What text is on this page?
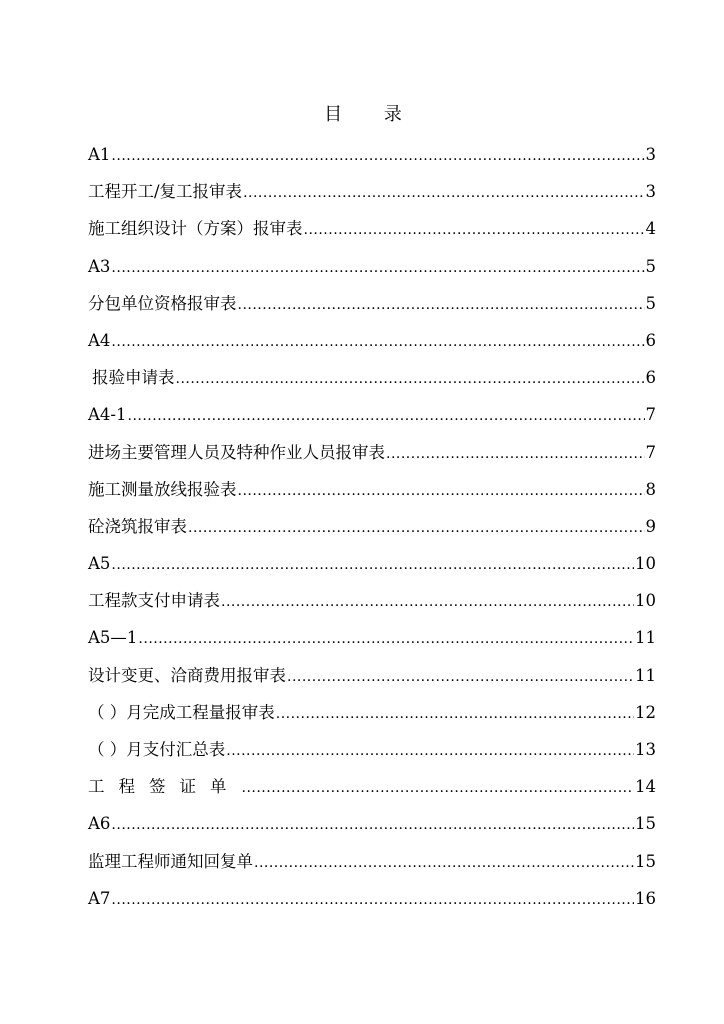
目 录
A1 .....	3
工程开工/复工报审表 .....	3
施工组织设计（方案）报审表 .....	4
A3 .....	5
分包单位资格报审表 .....	5
A4 .....	6
报验申请表 .....	6
A4-1 .....	7
进场主要管理人员及特种作业人员报审表 .....	7
施工测量放线报验表 .....	8
砼浇筑报审表 .....	9
A5 .....	10
工程款支付申请表 .....	10
A5—1 .....	11
设计变更、洽商费用报审表 .....	11
（ ）月完成工程量报审表 .....	12
（ ）月支付汇总表 .....	13
工程签证单 .....	14
A6 .....	15
监理工程师通知回复单 .....	15
A7 .....	16
